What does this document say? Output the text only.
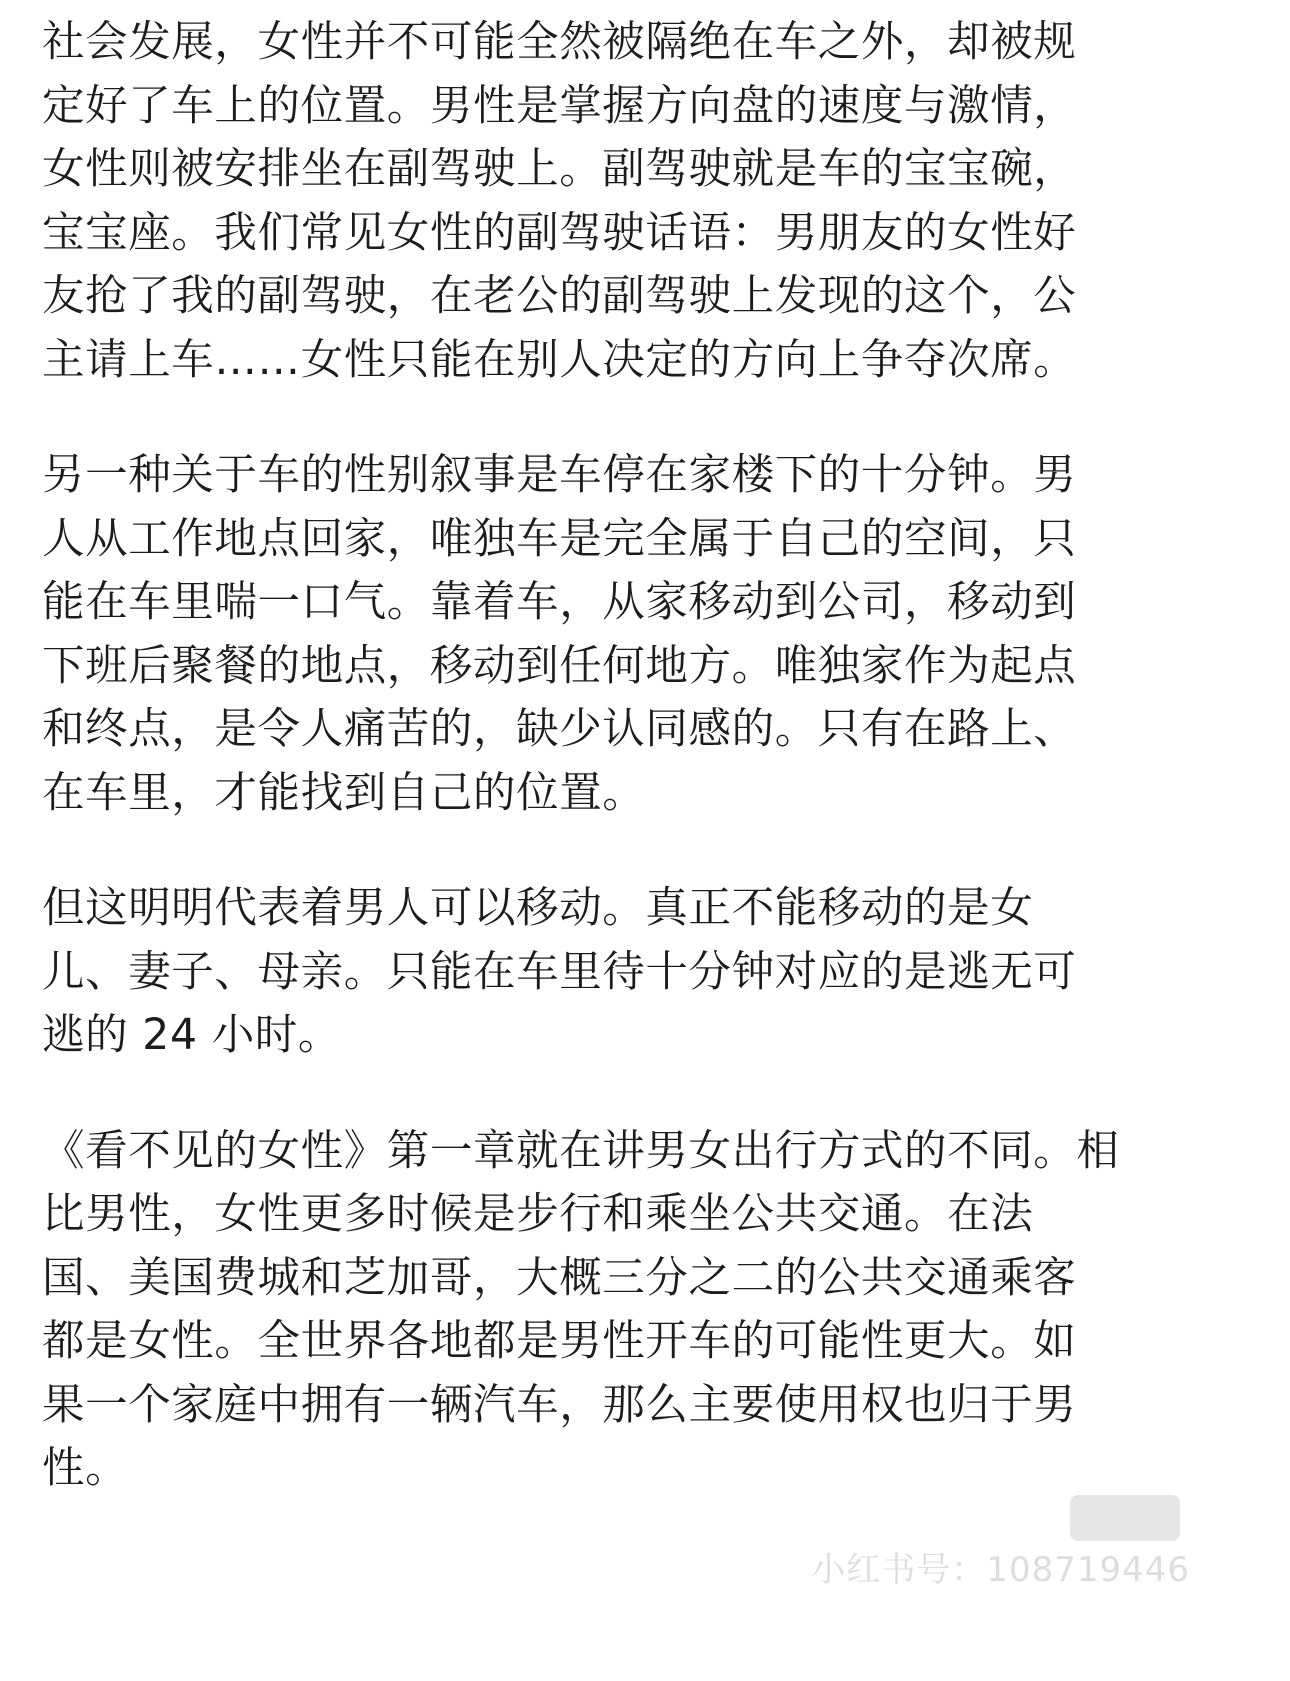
社会发展，女性并不可能全然被隔绝在车之外，却被规
定好了车上的位置。男性是掌握方向盘的速度与激情，
女性则被安排坐在副驾驶上。副驾驶就是车的宝宝碗，
宝宝座。我们常见女性的副驾驶话语：男朋友的女性好
友抢了我的副驾驶，在老公的副驾驶上发现的这个，公
主请上车……女性只能在别人决定的方向上争夺次席。

另一种关于车的性别叙事是车停在家楼下的十分钟。男
人从工作地点回家，唯独车是完全属于自己的空间，只
能在车里喘一口气。靠着车，从家移动到公司，移动到
下班后聚餐的地点，移动到任何地方。唯独家作为起点
和终点，是令人痛苦的，缺少认同感的。只有在路上、
在车里，才能找到自己的位置。

但这明明代表着男人可以移动。真正不能移动的是女
儿、妻子、母亲。只能在车里待十分钟对应的是逃无可
逃的 24 小时。

《看不见的女性》第一章就在讲男女出行方式的不同。相
比男性，女性更多时候是步行和乘坐公共交通。在法
国、美国费城和芝加哥，大概三分之二的公共交通乘客
都是女性。全世界各地都是男性开车的可能性更大。如
果一个家庭中拥有一辆汽车，那么主要使用权也归于男
性。

小红书号：108719446
